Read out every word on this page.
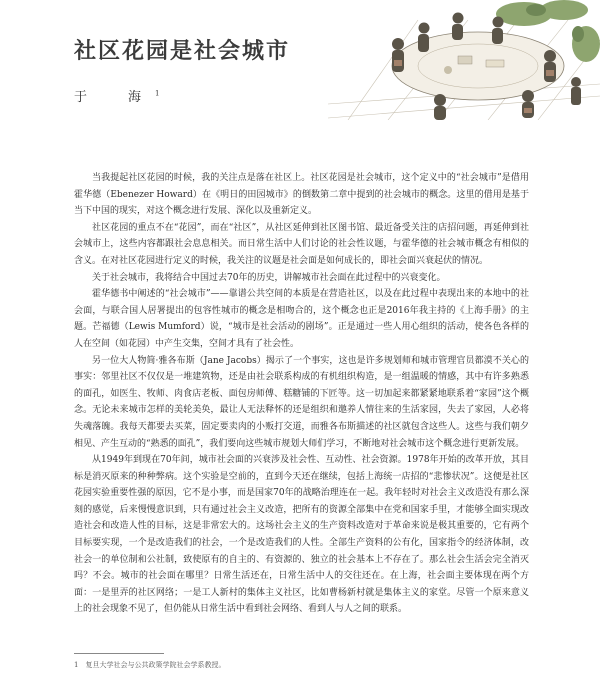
社区花园是社会城市
于　海$^1$

当我提起社区花园的时候，我的关注点是落在社区上。社区花园是社会城市，这个定义中的“社会城市”是借用霍华德（Ebenezer Howard）在《明日的田园城市》的倒数第二章中提到的社会城市的概念。这里的借用是基于当下中国的现实，对这个概念进行发展、深化以及重新定义。

社区花园的重点不在“花园”，而在“社区”，从社区延伸到社区图书馆、最近备受关注的店招问题，再延伸到社会城市上，这些内容都跟社会息息相关。而日常生活中人们讨论的社会性议题，与霍华德的社会城市概念有相似的含义。在对社区花园进行定义的时候，我关注的议题是社会面是如何成长的，即社会面兴衰起伏的情况。

关于社会城市，我将结合中国过去70年的历史，讲解城市社会面在此过程中的兴衰变化。

霍华德书中阐述的“社会城市”——靠谱公共空间的本质是在营造社区，以及在此过程中表现出来的本地中的社会面，与联合国人居署提出的包容性城市的概念是相吻合的，这个概念也正是2016年我主持的《上海手册》的主题。芒福德（Lewis Mumford）说，“城市是社会活动的剧场”。正是通过一些人用心组织的活动，使各色各样的人在空间（如花园）中产生交集，空间才具有了社会性。

另一位大人物简·雅各布斯（Jane Jacobs）揭示了一个事实，这也是许多规划师和城市管理官员都漠不关心的事实：邻里社区不仅仅是一堆建筑物，还是由社会联系构成的有机组织构造，是一组温暖的情感，其中有许多熟悉的面孔，如医生、牧师、肉食店老板、面包房师傅、糕糖铺的下匠等。这一切加起来都紧紧地联系着“家园”这个概念。无论未来城市怎样的美轮美奂，最让人无法释怀的还是组织和邀养人情往来的生活家园，失去了家园，人必将失魂落魄。我每天都要去买菜，固定要卖肉的小贩打交道，而雅各布斯描述的社区就包含这些人。这些与我们朝夕相见、产生互动的“熟悉的面孔”，我们要向这些城市规划大师们学习，不断地对社会城市这个概念进行更新发展。

从1949年到现在70年间，城市社会面的兴衰涉及社会性、互动性、社会资源。1978年开始的改革开放，其目标是消灭原来的种种弊病。这个实验是空前的，直到今天还在继续，包括上海统一店招的“悲惨状况”。这便是社区花园实验重要性强的原因，它不是小事，而是国家70年的战略治理连在一起。我年轻时对社会主义改造没有那么深刻的感觉，后来慢慢意识到，只有通过社会主义改造，把所有的资源全部集中在党和国家手里，才能够全面实现改造社会和改造人性的目标，这是非常宏大的。这场社会主义的生产资料改造对于革命来说是极其重要的，它有两个目标要实现，一个是改造我们的社会，一个是改造我们的人性。全部生产资料的公有化，国家指令的经济体制，改社会一的单位制和公社制，致使原有的自主的、有资源的、独立的社会基本上不存在了。那么社会生活会完全消灭吗？不会。城市的社会面在哪里？日常生活还在，日常生活中人的交往还在。在上海，社会面主要体现在两个方面：一是里弄的社区网络；一是工人新村的集体主义社区，比如曹杨新村就是集体主义的家堂。尽管一个原来意义上的社会现象不见了，但仍能从日常生活中看到社会网络、看到人与人之间的联系。

1　复旦大学社会与公共政策学院社会学系教授。
